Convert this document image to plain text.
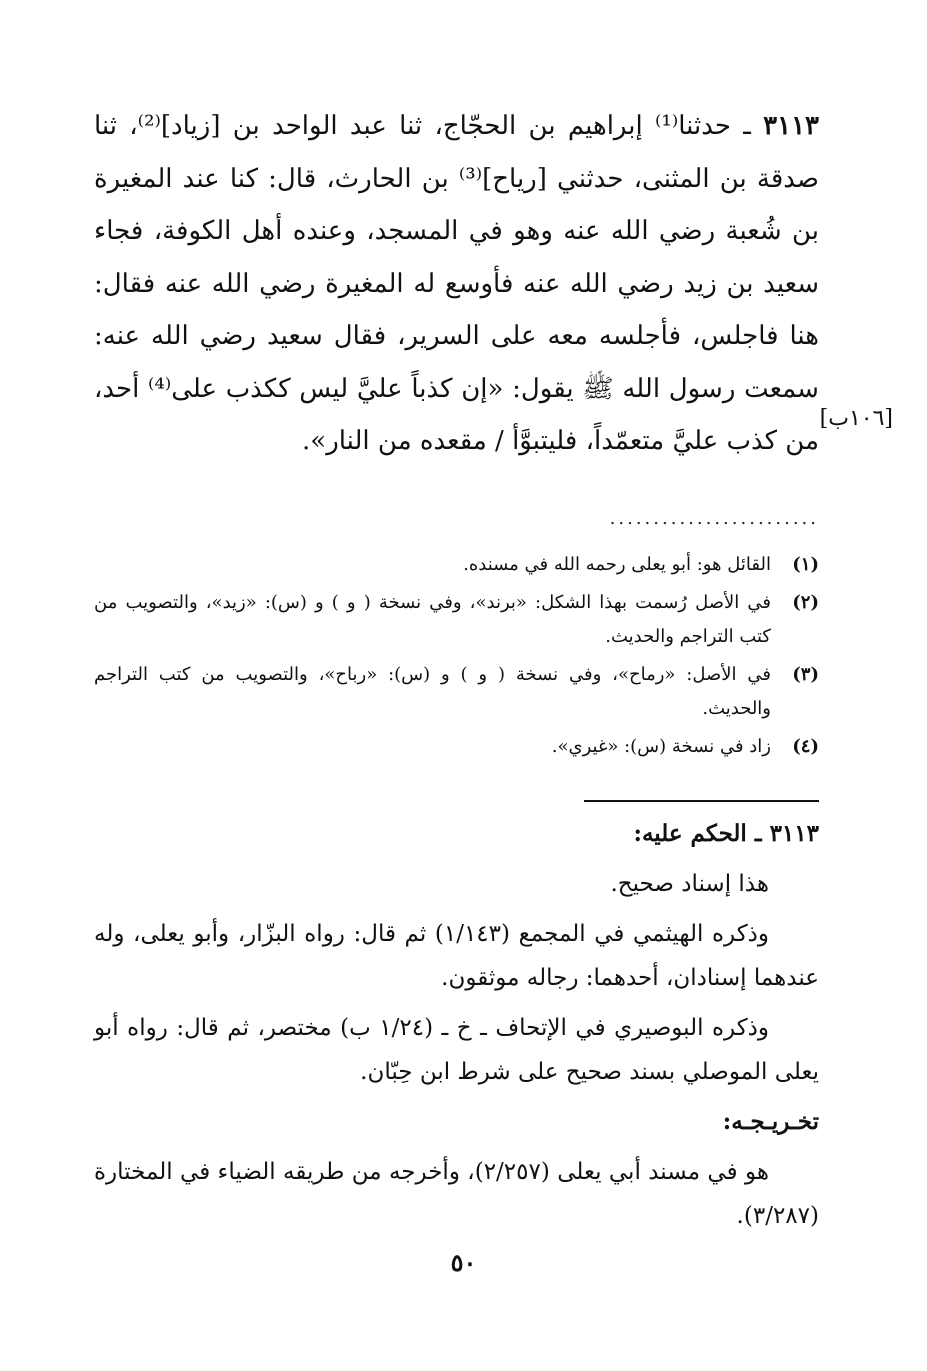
٣١١٣ ـ حدثنا⁽¹⁾ إبراهيم بن الحجّاج، ثنا عبد الواحد بن [زياد]⁽²⁾، ثنا صدقة بن المثنى، حدثني [رياح]⁽³⁾ بن الحارث، قال: كنا عند المغيرة بن شُعبة رضي الله عنه وهو في المسجد، وعنده أهل الكوفة، فجاء سعيد بن زيد رضي الله عنه فأوسع له المغيرة رضي الله عنه فقال: هنا فاجلس، فأجلسه معه على السرير، فقال سعيد رضي الله عنه: سمعت رسول الله ﷺ يقول: «إن كذباً عليَّ ليس ككذب على⁽⁴⁾ أحد، من كذب عليَّ متعمّداً، فليتبوَّأ / مقعده من النار».

[١٠٦ب]
........................
(١)
القائل هو: أبو يعلى رحمه الله في مسنده.
(٢)
في الأصل رُسمت بهذا الشكل: «برند»، وفي نسخة ( و ) و (س): «زيد»، والتصويب من كتب التراجم والحديث.
(٣)
في الأصل: «رماح»، وفي نسخة ( و ) و (س): «رباح»، والتصويب من كتب التراجم والحديث.
(٤)
زاد في نسخة (س): «غيري».

٣١١٣ ـ الحكم عليه:

هذا إسناد صحيح.

وذكره الهيثمي في المجمع (١/١٤٣) ثم قال: رواه البزّار، وأبو يعلى، وله عندهما إسنادان، أحدهما: رجاله موثقون.

وذكره البوصيري في الإتحاف ـ خ ـ (١/٢٤ ب) مختصر، ثم قال: رواه أبو يعلى الموصلي بسند صحيح على شرط ابن حِبّان.

تخـريـجـه:

هو في مسند أبي يعلى (٢/٢٥٧)، وأخرجه من طريقه الضياء في المختارة (٣/٢٨٧).

٥٠
